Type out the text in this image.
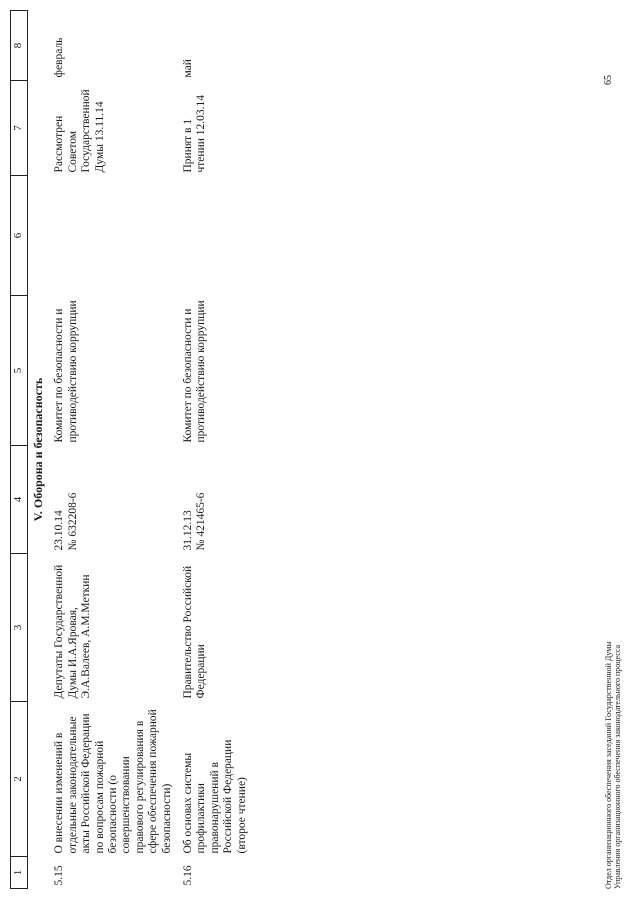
1	2	3	4	5	6	7	8
V. Оборона и безопасность							
5.15	О внесении изменений в отдельные законодательные акты Российской Федерации по вопросам пожарной безопасности (о совершенствовании правового регулирования в сфере обеспечения пожарной безопасности)	Депутаты Государственной Думы И.А.Яровая, Э.А.Валеев, А.М.Меткин	23.10.14 № 632208-6	Комитет по безопасности и противодействию коррупции		Рассмотрен Советом Государственной Думы 13.11.14	февраль
5.16	Об основах системы профилактики правонарушений в Российской Федерации (второе чтение)	Правительство Российской Федерации	31.12.13 № 421465-6	Комитет по безопасности и противодействию коррупции		Принят в 1 чтении 12.03.14	май
Отдел организационного обеспечения заседаний Государственной Думы Управления организационного обеспечения законодательного процесса
65
